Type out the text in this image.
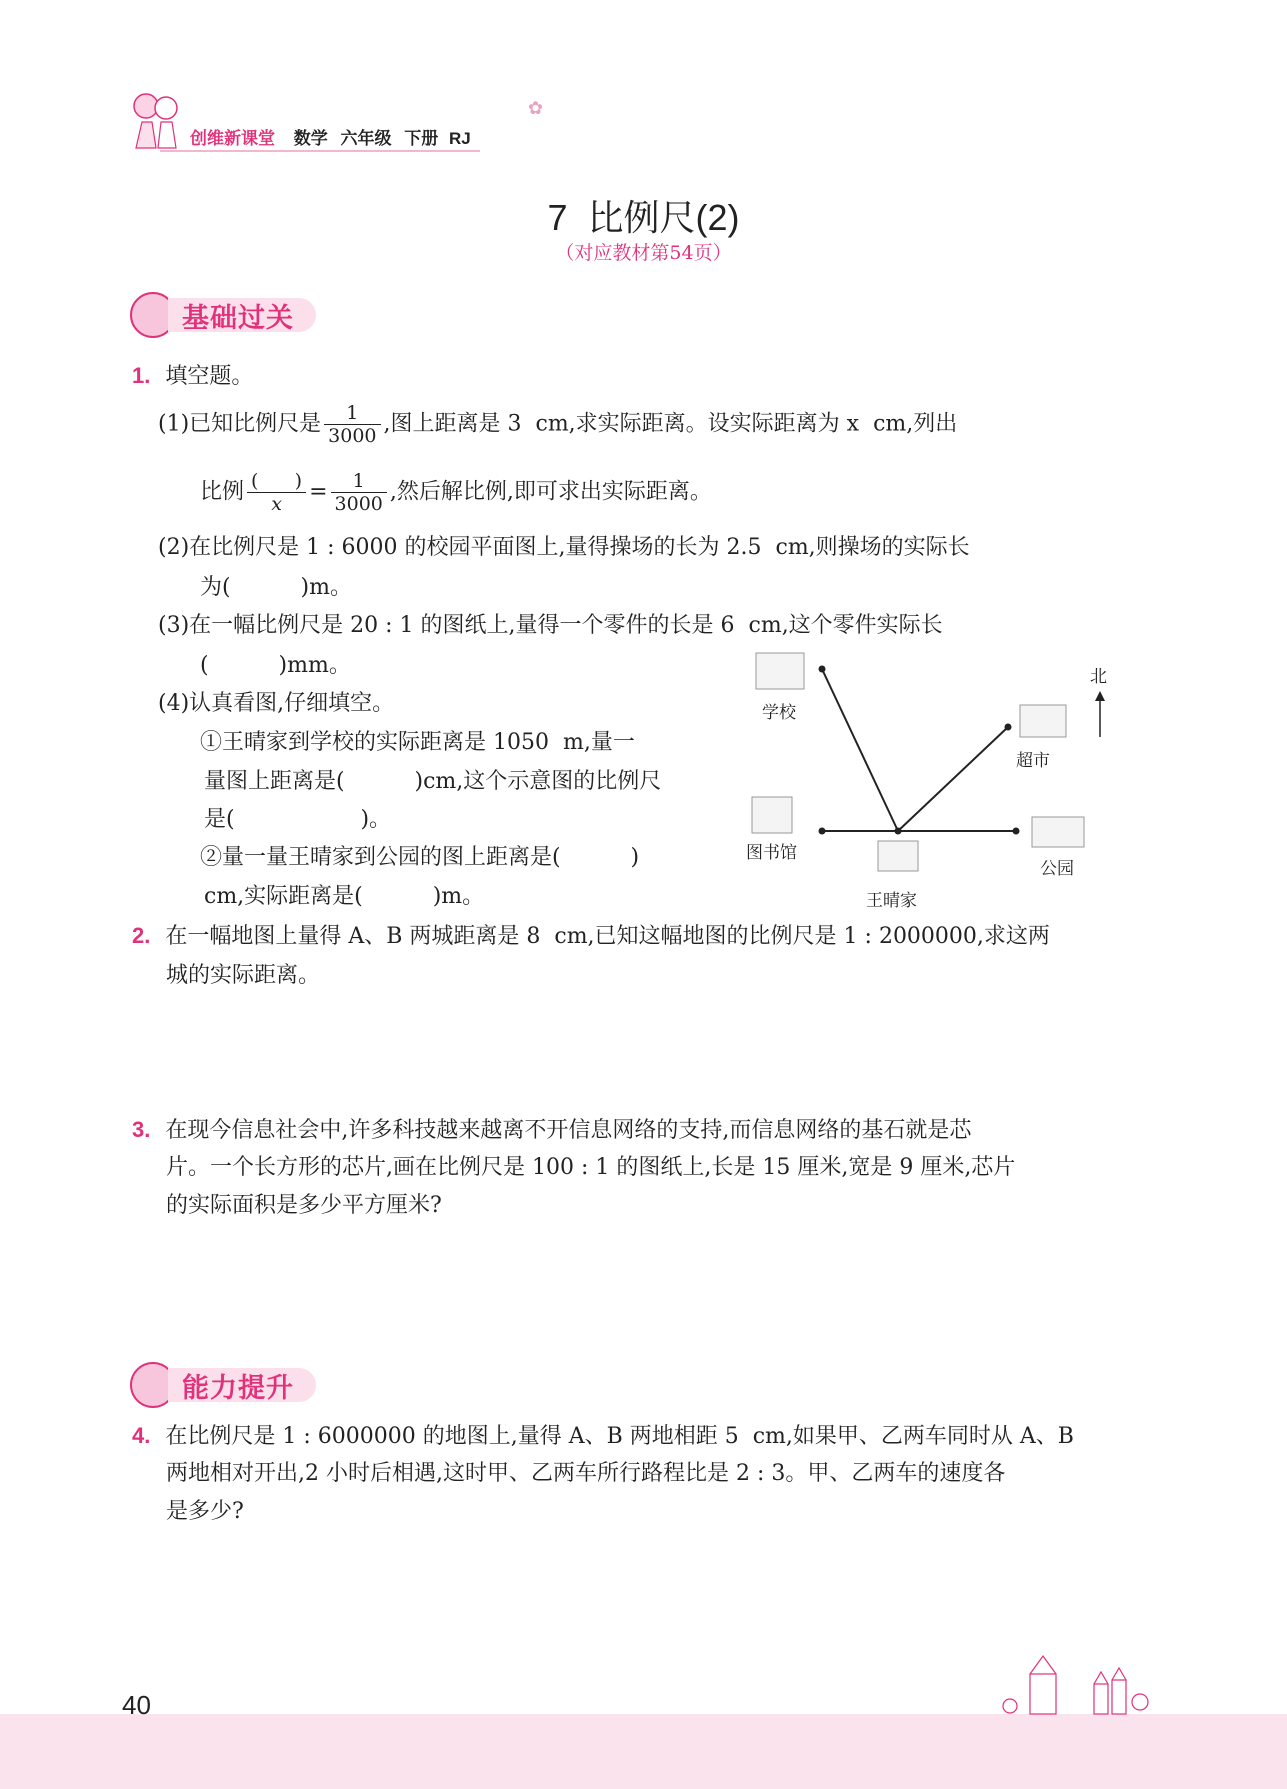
创维新课堂 数学 六年级 下册 RJ
✿
7  比例尺(2)
（对应教材第54页）
基础过关
1. 填空题。
(1)已知比例尺是 $\frac{1}{3000}$ ,图上距离是 3  cm,求实际距离。设实际距离为 x  cm,列出
比例 $\frac{( )}{x} = \frac{1}{3000}$ ,然后解比例,即可求出实际距离。
(2)在比例尺是 1 : 6000 的校园平面图上,量得操场的长为 2.5  cm,则操场的实际长
为(          )m。
(3)在一幅比例尺是 20 : 1 的图纸上,量得一个零件的长是 6  cm,这个零件实际长
(          )mm。
(4)认真看图,仔细填空。
①王晴家到学校的实际距离是 1050  m,量一
量图上距离是(          )cm,这个示意图的比例尺
是(                  )。
②量一量王晴家到公园的图上距离是(          )
cm,实际距离是(          )m。
北
学校
超市
图书馆
公园
王晴家
2. 在一幅地图上量得 A、B 两城距离是 8  cm,已知这幅地图的比例尺是 1 : 2000000,求这两
城的实际距离。
3. 在现今信息社会中,许多科技越来越离不开信息网络的支持,而信息网络的基石就是芯
片。一个长方形的芯片,画在比例尺是 100 : 1 的图纸上,长是 15 厘米,宽是 9 厘米,芯片
的实际面积是多少平方厘米?
能力提升
4. 在比例尺是 1 : 6000000 的地图上,量得 A、B 两地相距 5  cm,如果甲、乙两车同时从 A、B
两地相对开出,2 小时后相遇,这时甲、乙两车所行路程比是 2 : 3。甲、乙两车的速度各
是多少?
40
